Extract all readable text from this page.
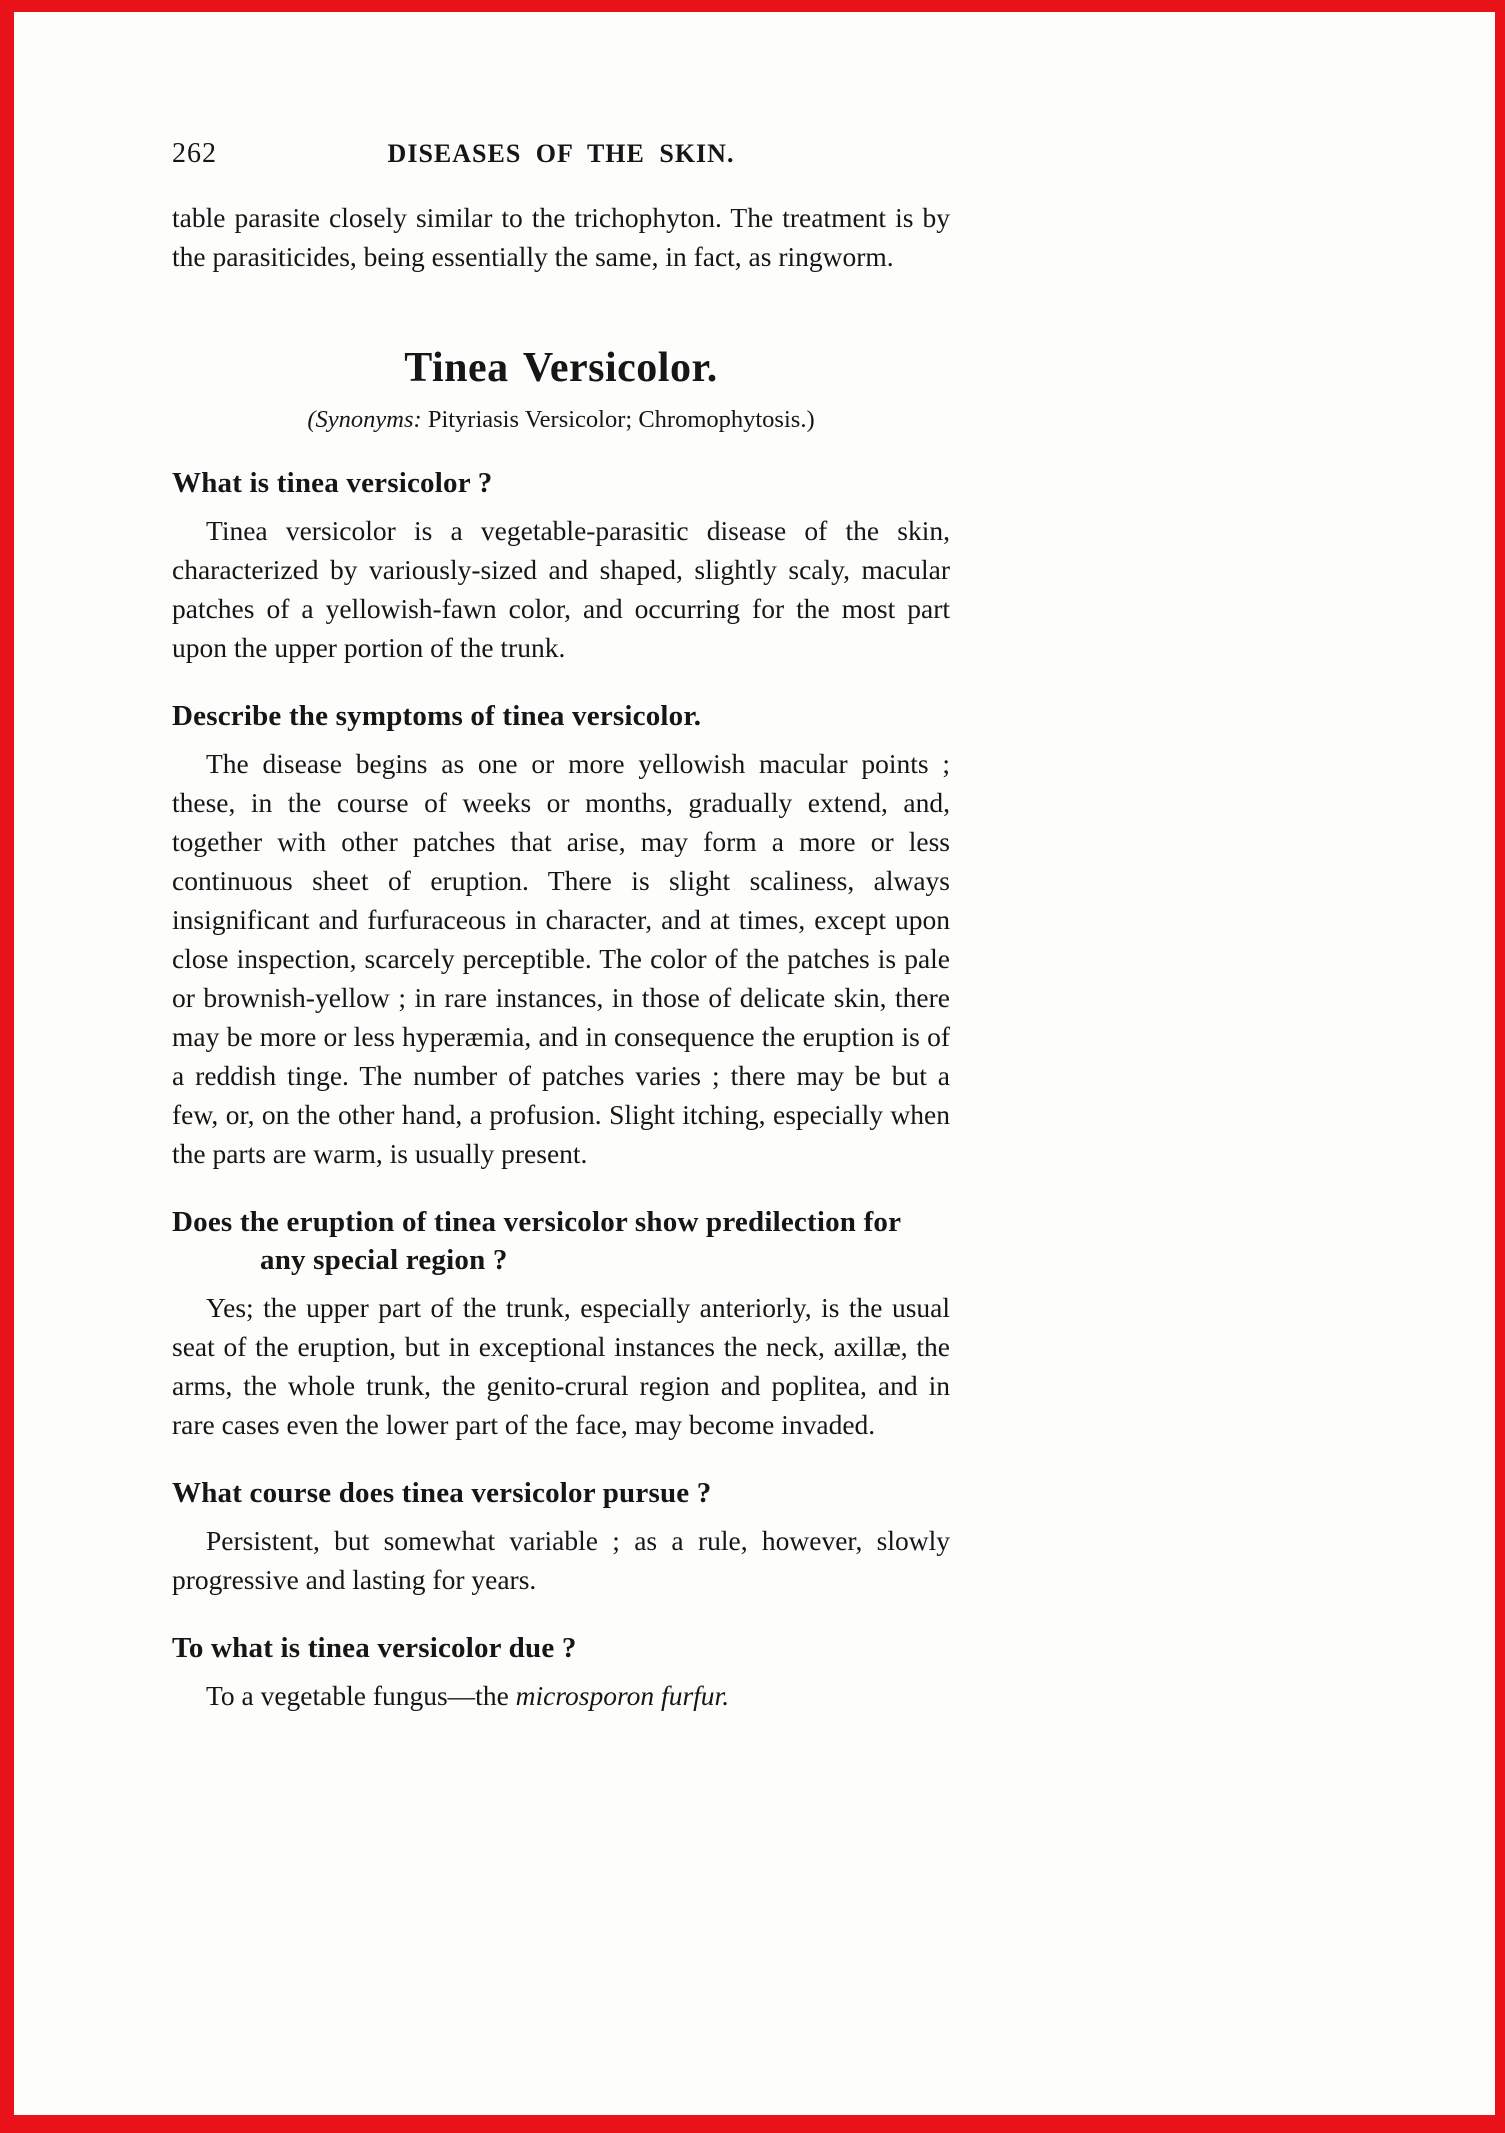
262	DISEASES OF THE SKIN.

table parasite closely similar to the trichophyton. The treatment is by the parasiticides, being essentially the same, in fact, as ringworm.

Tinea Versicolor.

(Synonyms: Pityriasis Versicolor; Chromophytosis.)

What is tinea versicolor ?

Tinea versicolor is a vegetable-parasitic disease of the skin, characterized by variously-sized and shaped, slightly scaly, macular patches of a yellowish-fawn color, and occurring for the most part upon the upper portion of the trunk.

Describe the symptoms of tinea versicolor.

The disease begins as one or more yellowish macular points ; these, in the course of weeks or months, gradually extend, and, together with other patches that arise, may form a more or less continuous sheet of eruption. There is slight scaliness, always insignificant and furfuraceous in character, and at times, except upon close inspection, scarcely perceptible. The color of the patches is pale or brownish-yellow ; in rare instances, in those of delicate skin, there may be more or less hyperæmia, and in consequence the eruption is of a reddish tinge. The number of patches varies ; there may be but a few, or, on the other hand, a profusion. Slight itching, especially when the parts are warm, is usually present.

Does the eruption of tinea versicolor show predilection for any special region ?

Yes; the upper part of the trunk, especially anteriorly, is the usual seat of the eruption, but in exceptional instances the neck, axillæ, the arms, the whole trunk, the genito-crural region and poplitea, and in rare cases even the lower part of the face, may become invaded.

What course does tinea versicolor pursue ?

Persistent, but somewhat variable ; as a rule, however, slowly progressive and lasting for years.

To what is tinea versicolor due ?

To a vegetable fungus—the microsporon furfur.
